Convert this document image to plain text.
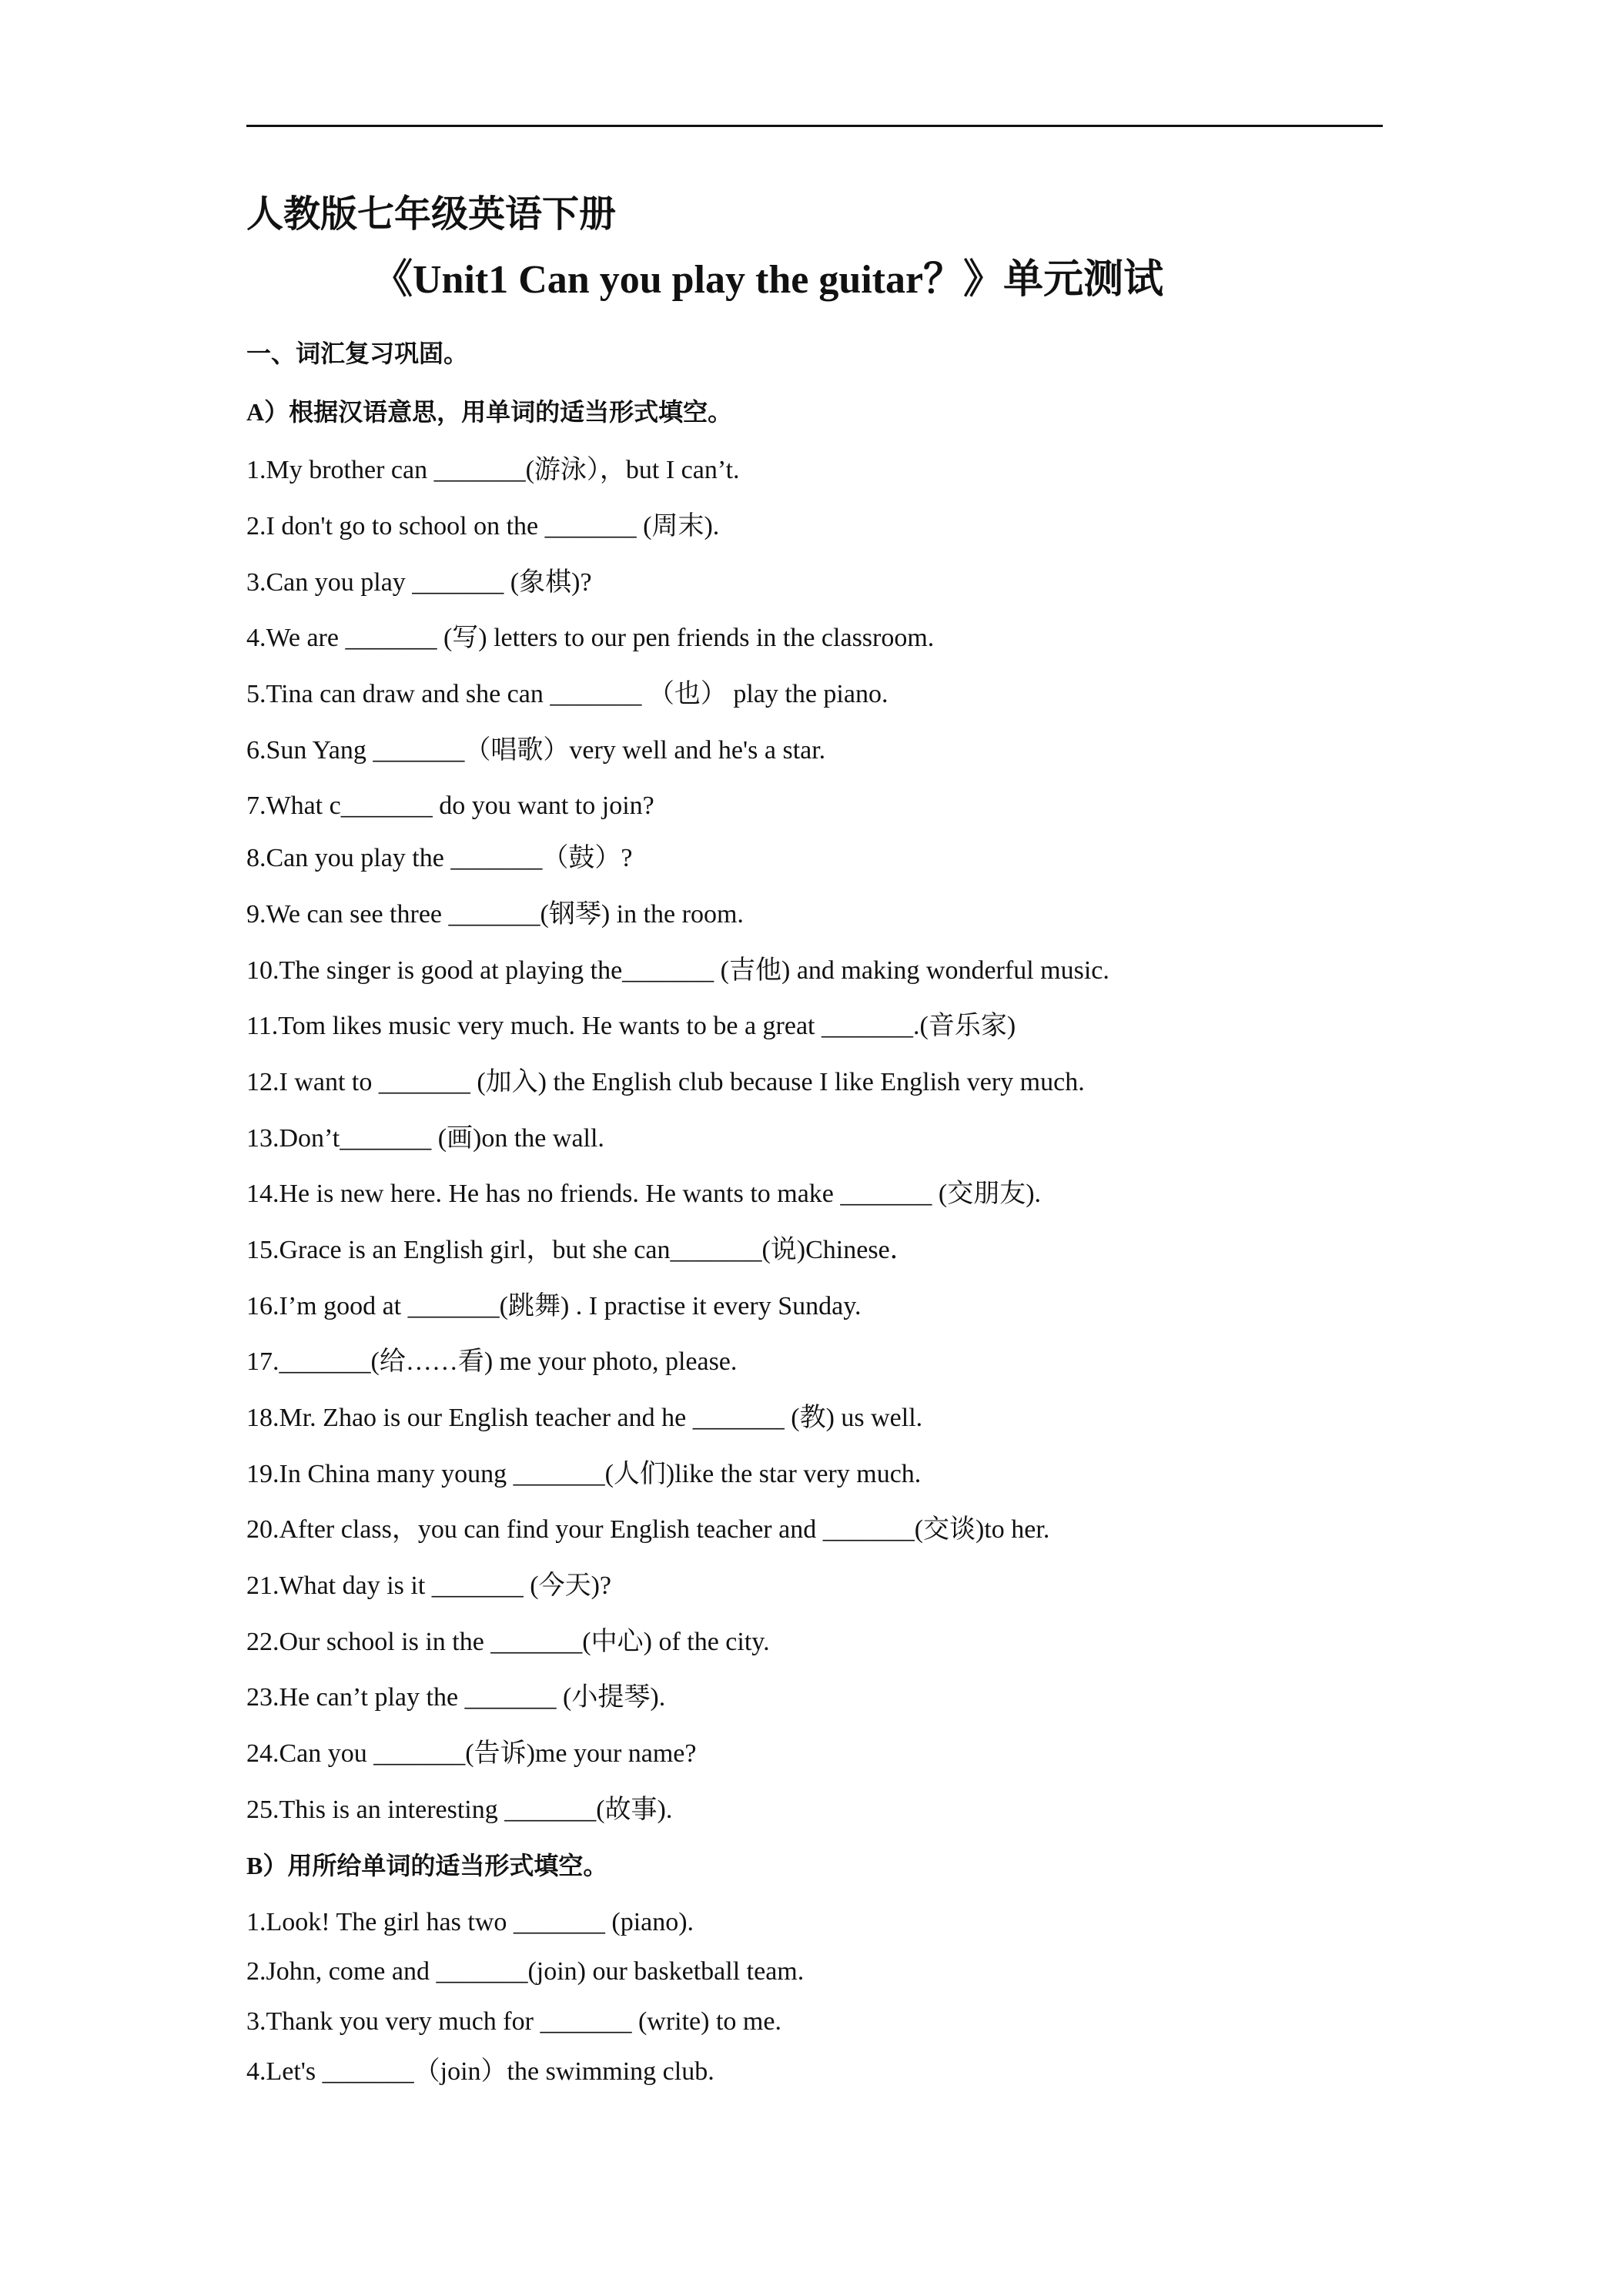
人教版七年级英语下册
《Unit1 Can you play the guitar？》单元测试
一、词汇复习巩固。
A）根据汉语意思，用单词的适当形式填空。
1.My brother can _______(游泳），but I can’t.
2.I don't go to school on the _______ (周末).
3.Can you play _______ (象棋)?
4.We are _______ (写) letters to our pen friends in the classroom.
5.Tina can draw and she can _______ （也） play the piano.
6.Sun Yang _______（唱歌）very well and he's a star.
7.What c_______ do you want to join?
8.Can you play the _______（鼓）?
9.We can see three _______(钢琴) in the room.
10.The singer is good at playing the_______ (吉他) and making wonderful music.
11.Tom likes music very much. He wants to be a great _______.(音乐家)
12.I want to _______ (加入) the English club because I like English very much.
13.Don’t_______ (画)on the wall.
14.He is new here. He has no friends. He wants to make _______ (交朋友).
15.Grace is an English girl，but she can_______(说)Chinese．
16.I’m good at _______(跳舞) . I practise it every Sunday.
17._______(给……看) me your photo, please.
18.Mr. Zhao is our English teacher and he _______ (教) us well.
19.In China many young _______(人们)like the star very much.
20.After class，you can find your English teacher and _______(交谈)to her.
21.What day is it _______ (今天)?
22.Our school is in the _______(中心) of the city.
23.He can’t play the _______ (小提琴).
24.Can you _______(告诉)me your name?
25.This is an interesting _______(故事).
B）用所给单词的适当形式填空。
1.Look! The girl has two _______ (piano).
2.John, come and _______(join) our basketball team.
3.Thank you very much for _______ (write) to me.
4.Let's _______（join）the swimming club.
